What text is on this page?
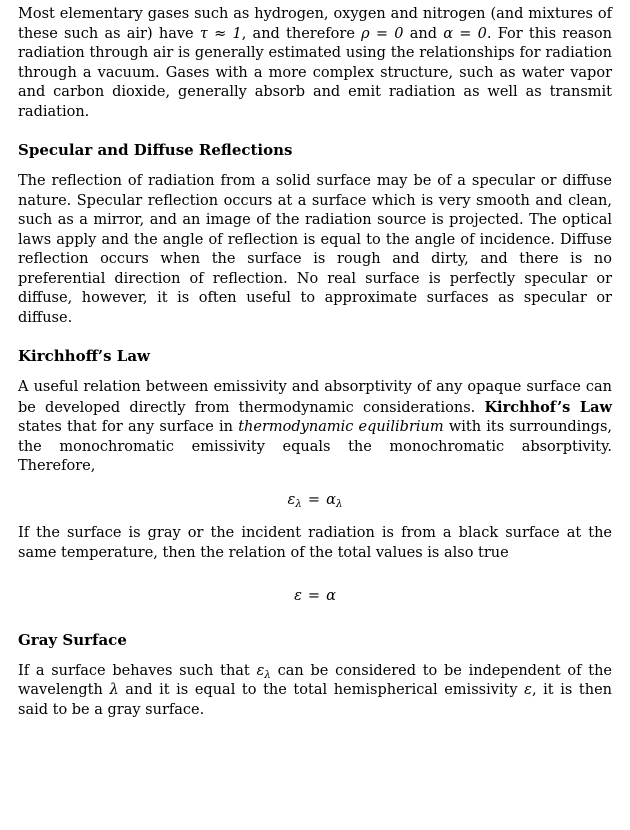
Most elementary gases such as hydrogen, oxygen and nitrogen (and mixtures of these such as air) have τ ≈ 1, and therefore ρ = 0 and α = 0. For this reason radiation through air is generally estimated using the relationships for radiation through a vacuum. Gases with a more complex structure, such as water vapor and carbon dioxide, generally absorb and emit radiation as well as transmit radiation.

Specular and Diffuse Reflections

The reflection of radiation from a solid surface may be of a specular or diffuse nature. Specular reflection occurs at a surface which is very smooth and clean, such as a mirror, and an image of the radiation source is projected. The optical laws apply and the angle of reflection is equal to the angle of incidence. Diffuse reflection occurs when the surface is rough and dirty, and there is no preferential direction of reflection. No real surface is perfectly specular or diffuse, however, it is often useful to approximate surfaces as specular or diffuse.

Kirchhoff’s Law

A useful relation between emissivity and absorptivity of any opaque surface can be developed directly from thermodynamic considerations. Kirchhof’s Law states that for any surface in thermodynamic equilibrium with its surroundings, the monochromatic emissivity equals the monochromatic absorptivity. Therefore,

$\varepsilon_\lambda = \alpha_\lambda$

If the surface is gray or the incident radiation is from a black surface at the same temperature, then the relation of the total values is also true

ε = α
Gray Surface

If a surface behaves such that $\varepsilon_\lambda$ can be considered to be independent of the wavelength λ and it is equal to the total hemispherical emissivity ε, it is then said to be a gray surface.
